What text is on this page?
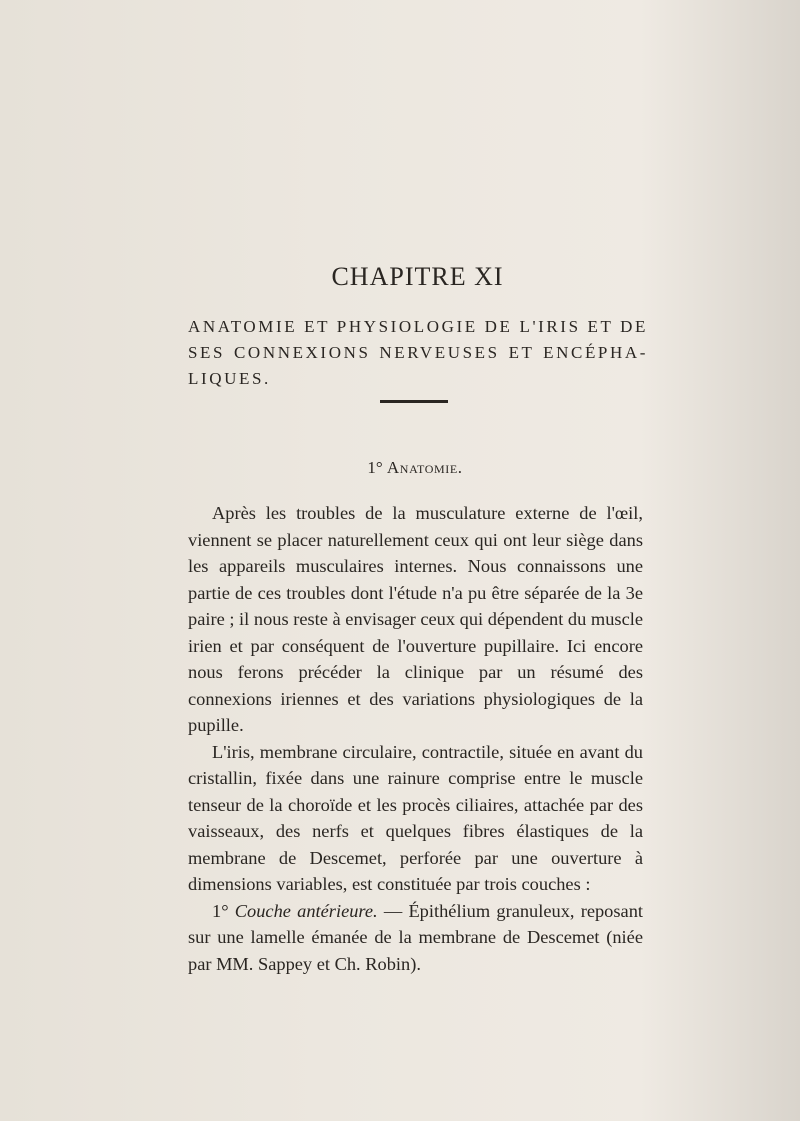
CHAPITRE XI
ANATOMIE ET PHYSIOLOGIE DE L'IRIS ET DE SES CONNEXIONS NERVEUSES ET ENCÉPHA-LIQUES.
1° Anatomie.

Après les troubles de la musculature externe de l'œil, viennent se placer naturellement ceux qui ont leur siège dans les appareils musculaires internes. Nous connaissons une partie de ces troubles dont l'étude n'a pu être séparée de la 3e paire ; il nous reste à envisager ceux qui dépendent du muscle irien et par conséquent de l'ouverture pupillaire. Ici encore nous ferons précéder la clinique par un résumé des connexions iriennes et des variations physiologiques de la pupille.

L'iris, membrane circulaire, contractile, située en avant du cristallin, fixée dans une rainure comprise entre le muscle tenseur de la choroïde et les procès ciliaires, attachée par des vaisseaux, des nerfs et quelques fibres élastiques de la membrane de Descemet, perforée par une ouverture à dimensions variables, est constituée par trois couches :

1° Couche antérieure. — Épithélium granuleux, reposant sur une lamelle émanée de la membrane de Descemet (niée par MM. Sappey et Ch. Robin).
